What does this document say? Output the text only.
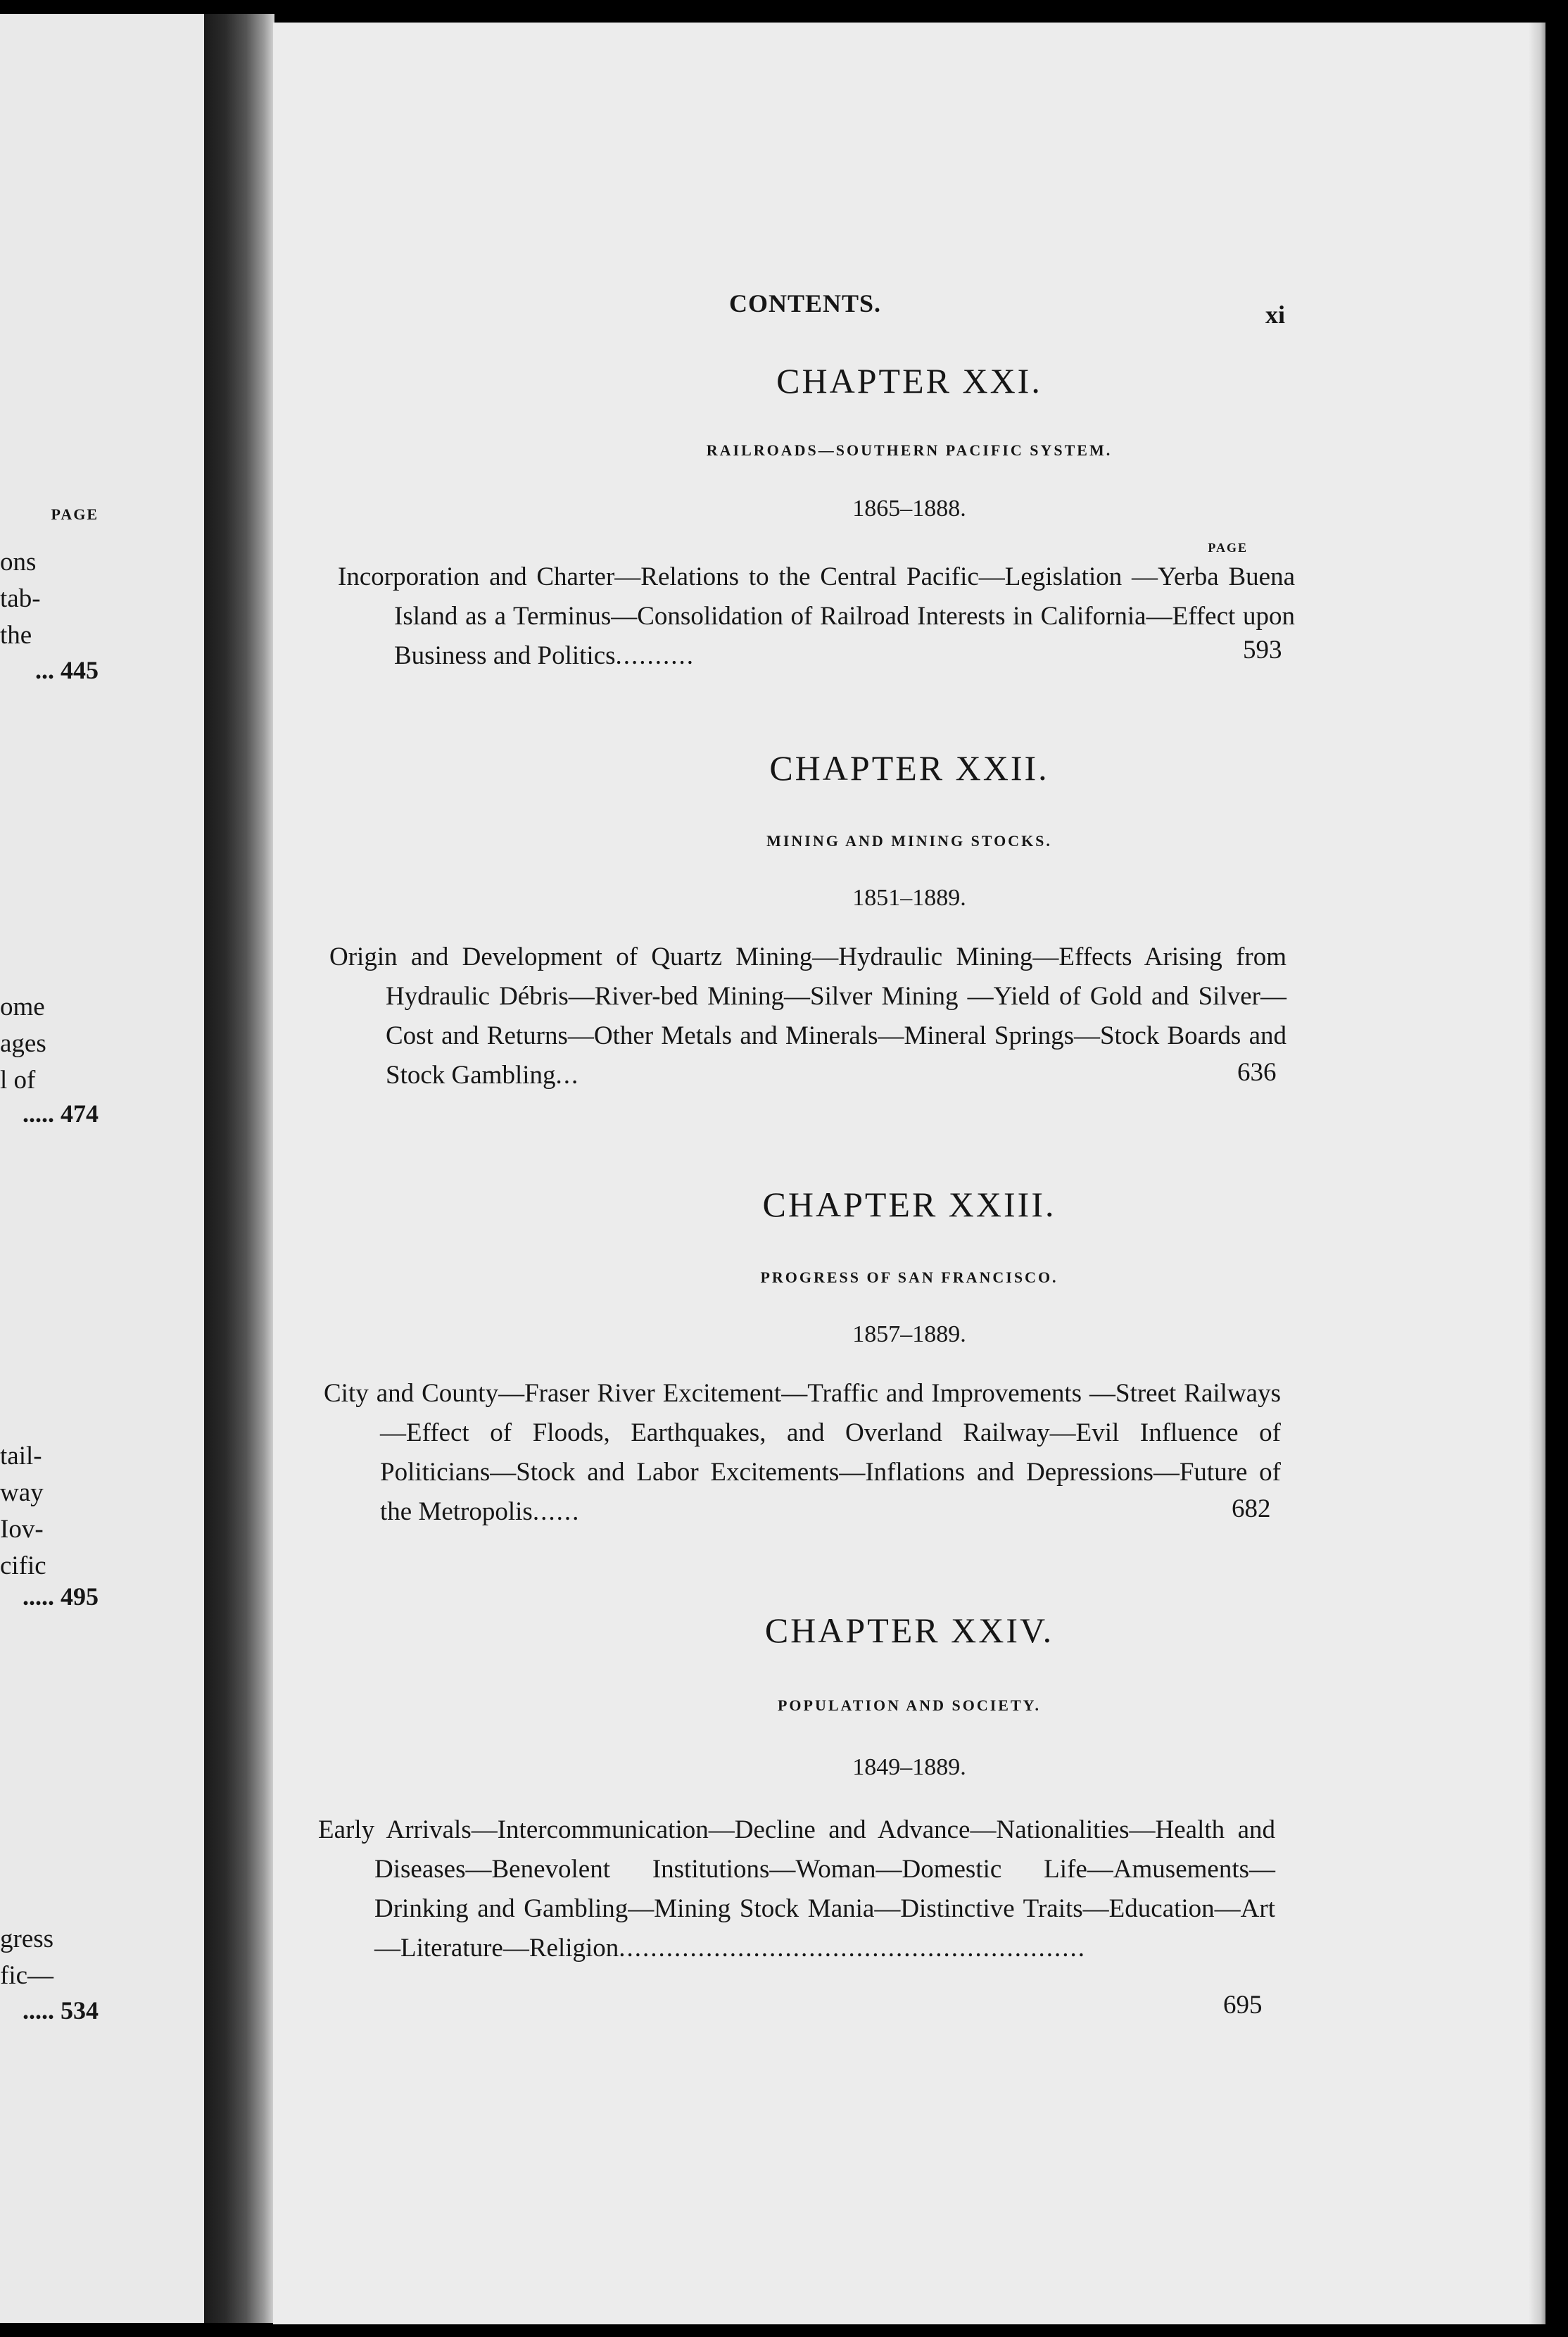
PAGE
ons
tab-
the
... 445
ome
ages
l of
..... 474
tail-
way
Iov-
cific
..... 495
gress
fic—
..... 534
CONTENTS.	xi
CHAPTER XXI.
RAILROADS—SOUTHERN PACIFIC SYSTEM.
1865–1888.
PAGE
Incorporation and Charter—Relations to the Central Pacific—Legislation —Yerba Buena Island as a Terminus—Consolidation of Railroad Interests in California—Effect upon Business and Politics..........	593
CHAPTER XXII.
MINING AND MINING STOCKS.
1851–1889.
Origin and Development of Quartz Mining—Hydraulic Mining—Effects Arising from Hydraulic Débris—River-bed Mining—Silver Mining —Yield of Gold and Silver—Cost and Returns—Other Metals and Minerals—Mineral Springs—Stock Boards and Stock Gambling...	636
CHAPTER XXIII.
PROGRESS OF SAN FRANCISCO.
1857–1889.
City and County—Fraser River Excitement—Traffic and Improvements —Street Railways—Effect of Floods, Earthquakes, and Overland Railway—Evil Influence of Politicians—Stock and Labor Excitements—Inflations and Depressions—Future of the Metropolis......	682
CHAPTER XXIV.
POPULATION AND SOCIETY.
1849–1889.
Early Arrivals—Intercommunication—Decline and Advance—Nationalities—Health and Diseases—Benevolent Institutions—Woman—Domestic Life—Amusements—Drinking and Gambling—Mining Stock Mania—Distinctive Traits—Education—Art—Literature—Religion...........................................................
695
